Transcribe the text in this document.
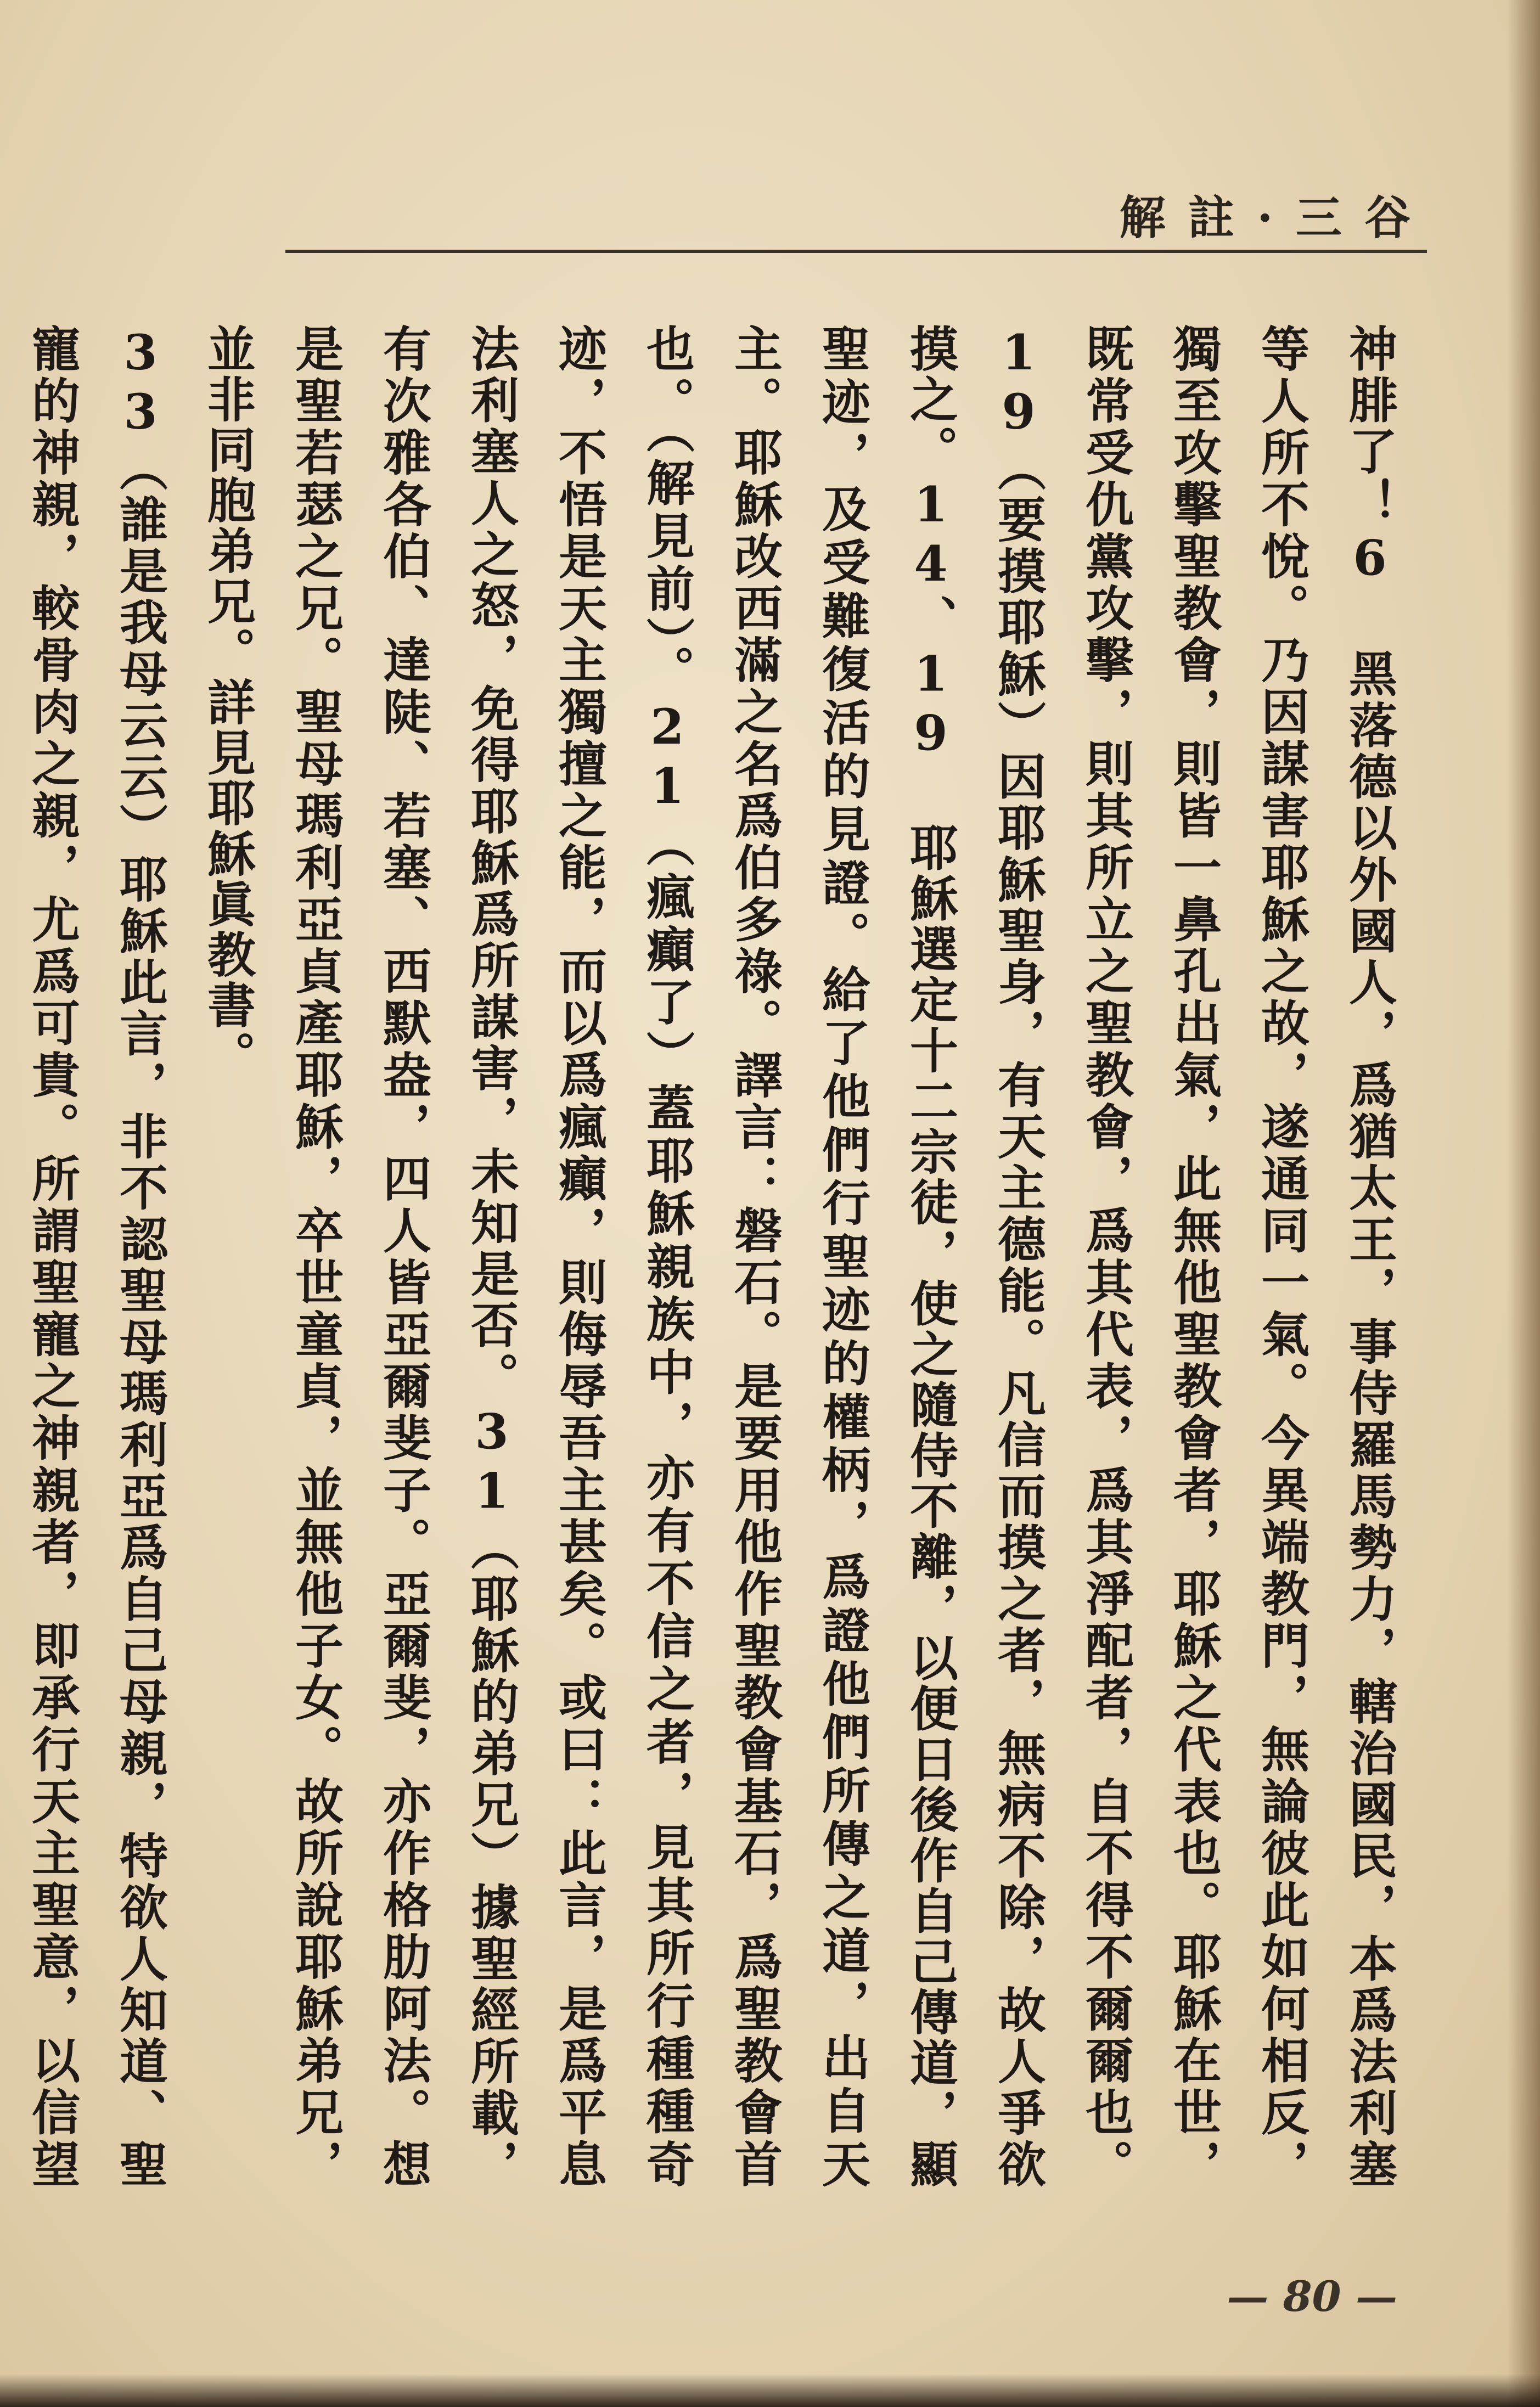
解 註 · 三 谷

神腓了！6 黑落德以外國人，爲猶太王，事侍羅馬勢力，轄治國民，本爲法利塞等人所不悅。乃因謀害耶穌之故，遂通同一氣。今異端教門，無論彼此如何相反，獨至攻擊聖教會，則皆一鼻孔出氣，此無他聖教會者，耶穌之代表也。耶穌在世，既常受仇黨攻擊，則其所立之聖教會，爲其代表，爲其淨配者，自不得不爾爾也。19（要摸耶穌）因耶穌聖身，有天主德能。凡信而摸之者，無病不除，故人爭欲摸之。14、19 耶穌選定十二宗徒，使之隨侍不離，以便日後作自己傳道，顯聖迹，及受難復活的見證。給了他們行聖迹的權柄，爲證他們所傳之道，出自天主。耶穌改西滿之名爲伯多祿。譯言：磐石。是要用他作聖教會基石，爲聖教會首也。（解見前）。21（瘋癲了）蓋耶穌親族中，亦有不信之者，見其所行種種奇迹，不悟是天主獨擅之能，而以爲瘋癲，則侮辱吾主甚矣。或曰：此言，是爲平息法利塞人之怒，免得耶穌爲所謀害，未知是否。31（耶穌的弟兄）據聖經所載，有次雅各伯、達陡、若塞、西默盎，四人皆亞爾斐子。亞爾斐，亦作格肋阿法。想是聖若瑟之兄。聖母瑪利亞貞產耶穌，卒世童貞，並無他子女。故所說耶穌弟兄，並非同胞弟兄。詳見耶穌眞教書。

33（誰是我母云云）耶穌此言，非不認聖母瑪利亞爲自己母親，特欲人知道、聖寵的神親，較骨肉之親，尤爲可貴。所謂聖寵之神親者，即承行天主聖意，以信望

— 80 —
